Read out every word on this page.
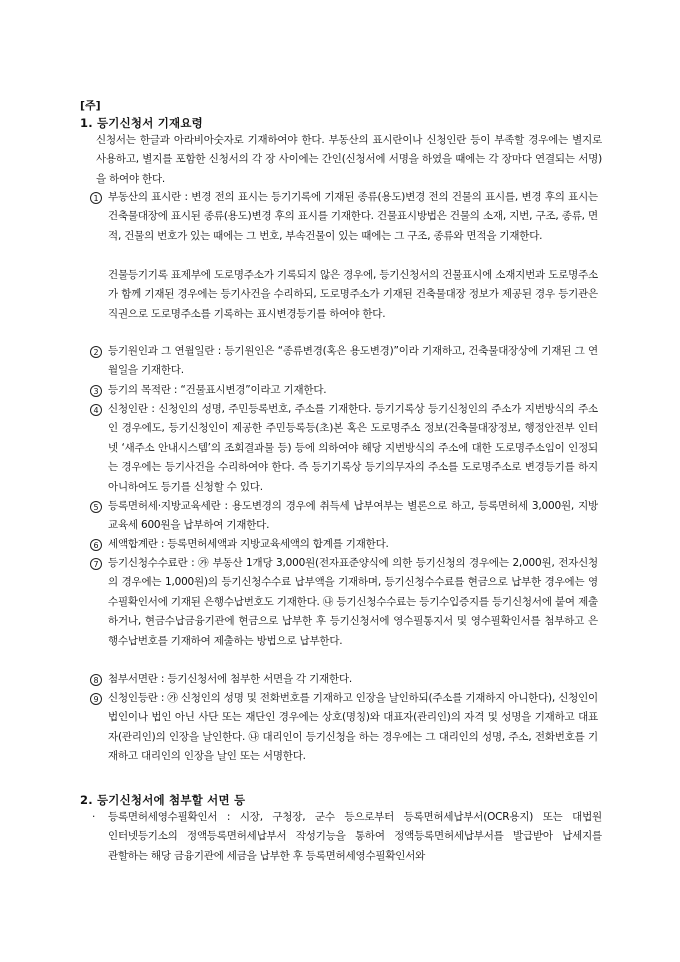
[주]
1. 등기신청서 기재요령

신청서는 한글과 아라비아숫자로 기재하여야 한다. 부동산의 표시란이나 신청인란 등이 부족할 경우에는 별지로 사용하고, 별지를 포함한 신청서의 각 장 사이에는 간인(신청서에 서명을 하였을 때에는 각 장마다 연결되는 서명)을 하여야 한다.

1 부동산의 표시란 : 변경 전의 표시는 등기기록에 기재된 종류(용도)변경 전의 건물의 표시를, 변경 후의 표시는 건축물대장에 표시된 종류(용도)변경 후의 표시를 기재한다. 건물표시방법은 건물의 소재, 지번, 구조, 종류, 면적, 건물의 번호가 있는 때에는 그 번호, 부속건물이 있는 때에는 그 구조, 종류와 면적을 기재한다.

건물등기기록 표제부에 도로명주소가 기록되지 않은 경우에, 등기신청서의 건물표시에 소재지번과 도로명주소가 함께 기재된 경우에는 등기사건을 수리하되, 도로명주소가 기재된 건축물대장 정보가 제공된 경우 등기관은 직권으로 도로명주소를 기록하는 표시변경등기를 하여야 한다.

2 등기원인과 그 연월일란 : 등기원인은 “종류변경(혹은 용도변경)”이라 기재하고, 건축물대장상에 기재된 그 연월일을 기재한다.

3 등기의 목적란 : “건물표시변경”이라고 기재한다.

4 신청인란 : 신청인의 성명, 주민등록번호, 주소를 기재한다. 등기기록상 등기신청인의 주소가 지번방식의 주소인 경우에도, 등기신청인이 제공한 주민등록등(초)본 혹은 도로명주소 정보(건축물대장정보, 행정안전부 인터넷 ‘새주소 안내시스템’의 조회결과물 등) 등에 의하여야 해당 지번방식의 주소에 대한 도로명주소임이 인정되는 경우에는 등기사건을 수리하여야 한다. 즉 등기기록상 등기의무자의 주소를 도로명주소로 변경등기를 하지 아니하여도 등기를 신청할 수 있다.

5 등록면허세·지방교육세란 : 용도변경의 경우에 취득세 납부여부는 별론으로 하고, 등록면허세 3,000원, 지방교육세 600원을 납부하여 기재한다.

6 세액합계란 : 등록면허세액과 지방교육세액의 합계를 기재한다.

7 등기신청수수료란 : ㉮ 부동산 1개당 3,000원(전자표준양식에 의한 등기신청의 경우에는 2,000원, 전자신청의 경우에는 1,000원)의 등기신청수수료 납부액을 기재하며, 등기신청수수료를 현금으로 납부한 경우에는 영수필확인서에 기재된 은행수납번호도 기재한다. ㉯ 등기신청수수료는 등기수입증지를 등기신청서에 붙여 제출하거나, 현금수납금융기관에 현금으로 납부한 후 등기신청서에 영수필통지서 및 영수필확인서를 첨부하고 은행수납번호를 기재하여 제출하는 방법으로 납부한다.

8 첨부서면란 : 등기신청서에 첨부한 서면을 각 기재한다.

9 신청인등란 : ㉮ 신청인의 성명 및 전화번호를 기재하고 인장을 날인하되(주소를 기재하지 아니한다), 신청인이 법인이나 법인 아닌 사단 또는 재단인 경우에는 상호(명칭)와 대표자(관리인)의 자격 및 성명을 기재하고 대표자(관리인)의 인장을 날인한다. ㉯ 대리인이 등기신청을 하는 경우에는 그 대리인의 성명, 주소, 전화번호를 기재하고 대리인의 인장을 날인 또는 서명한다.

2. 등기신청서에 첨부할 서면 등
· 등록면허세영수필확인서 : 시장, 구청장, 군수 등으로부터 등록면허세납부서(OCR용지) 또는 대법원 인터넷등기소의 정액등록면허세납부서 작성기능을 통하여 정액등록면허세납부서를 발급받아 납세지를 관할하는 해당 금융기관에 세금을 납부한 후 등록면허세영수필확인서와
